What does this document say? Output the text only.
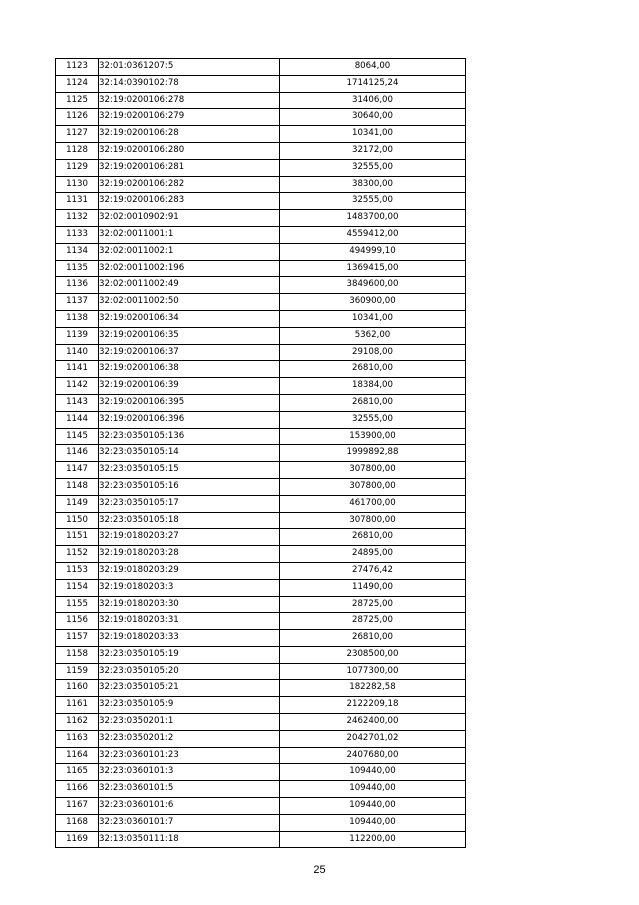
1123	32:01:0361207:5	8064,00
1124	32:14:0390102:78	1714125,24
1125	32:19:0200106:278	31406,00
1126	32:19:0200106:279	30640,00
1127	32:19:0200106:28	10341,00
1128	32:19:0200106:280	32172,00
1129	32:19:0200106:281	32555,00
1130	32:19:0200106:282	38300,00
1131	32:19:0200106:283	32555,00
1132	32:02:0010902:91	1483700,00
1133	32:02:0011001:1	4559412,00
1134	32:02:0011002:1	494999,10
1135	32:02:0011002:196	1369415,00
1136	32:02:0011002:49	3849600,00
1137	32:02:0011002:50	360900,00
1138	32:19:0200106:34	10341,00
1139	32:19:0200106:35	5362,00
1140	32:19:0200106:37	29108,00
1141	32:19:0200106:38	26810,00
1142	32:19:0200106:39	18384,00
1143	32:19:0200106:395	26810,00
1144	32:19:0200106:396	32555,00
1145	32:23:0350105:136	153900,00
1146	32:23:0350105:14	1999892,88
1147	32:23:0350105:15	307800,00
1148	32:23:0350105:16	307800,00
1149	32:23:0350105:17	461700,00
1150	32:23:0350105:18	307800,00
1151	32:19:0180203:27	26810,00
1152	32:19:0180203:28	24895,00
1153	32:19:0180203:29	27476,42
1154	32:19:0180203:3	11490,00
1155	32:19:0180203:30	28725,00
1156	32:19:0180203:31	28725,00
1157	32:19:0180203:33	26810,00
1158	32:23:0350105:19	2308500,00
1159	32:23:0350105:20	1077300,00
1160	32:23:0350105:21	182282,58
1161	32:23:0350105:9	2122209,18
1162	32:23:0350201:1	2462400,00
1163	32:23:0350201:2	2042701,02
1164	32:23:0360101:23	2407680,00
1165	32:23:0360101:3	109440,00
1166	32:23:0360101:5	109440,00
1167	32:23:0360101:6	109440,00
1168	32:23:0360101:7	109440,00
1169	32:13:0350111:18	112200,00
25
